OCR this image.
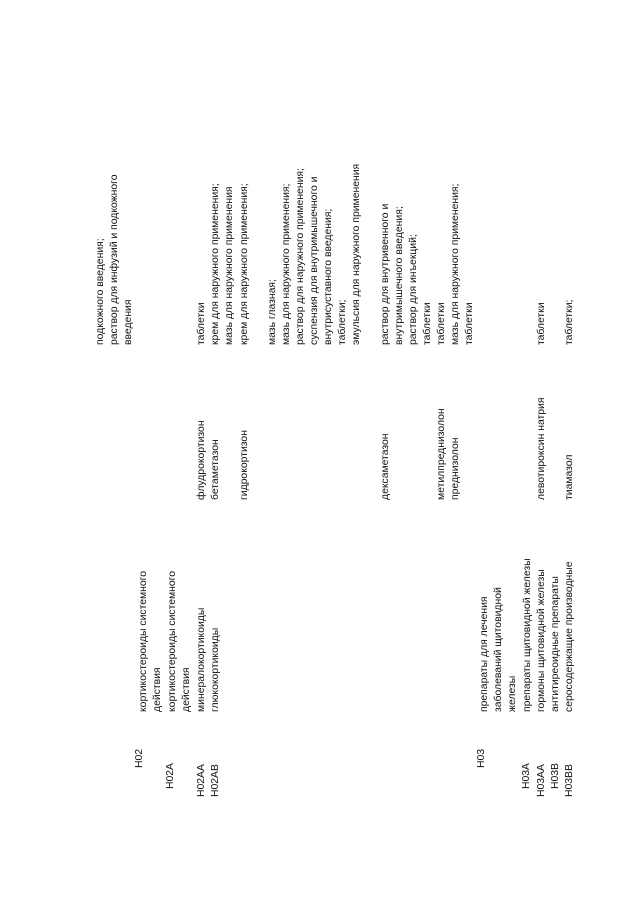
подкожного введения; раствор для инфузий и подкожного введения
H02
кортикостероиды системного действия
H02A
кортикостероиды системного действия
H02AA
минералокортикоиды
флудрокортизон
таблетки
H02AB
глюкокортикоиды
бетаметазон
крем для наружного применения; мазь для наружного применения
гидрокортизон
крем для наружного применения; мазь глазная; мазь для наружного применения; раствор для наружного применения; суспензия для внутримышечного и внутрисуставного введения; таблетки; эмульсия для наружного применения
дексаметазон
раствор для внутривенного и внутримышечного введения; раствор для инъекций; таблетки
метилпреднизолон
таблетки
преднизолон
мазь для наружного применения; таблетки
H03
препараты для лечения заболеваний щитовидной железы
H03A
препараты щитовидной железы
H03AA
гормоны щитовидной железы
левотироксин натрия
таблетки
H03B
антитиреоидные препараты
H03BB
серосодержащие производные
тиамазол
таблетки;
